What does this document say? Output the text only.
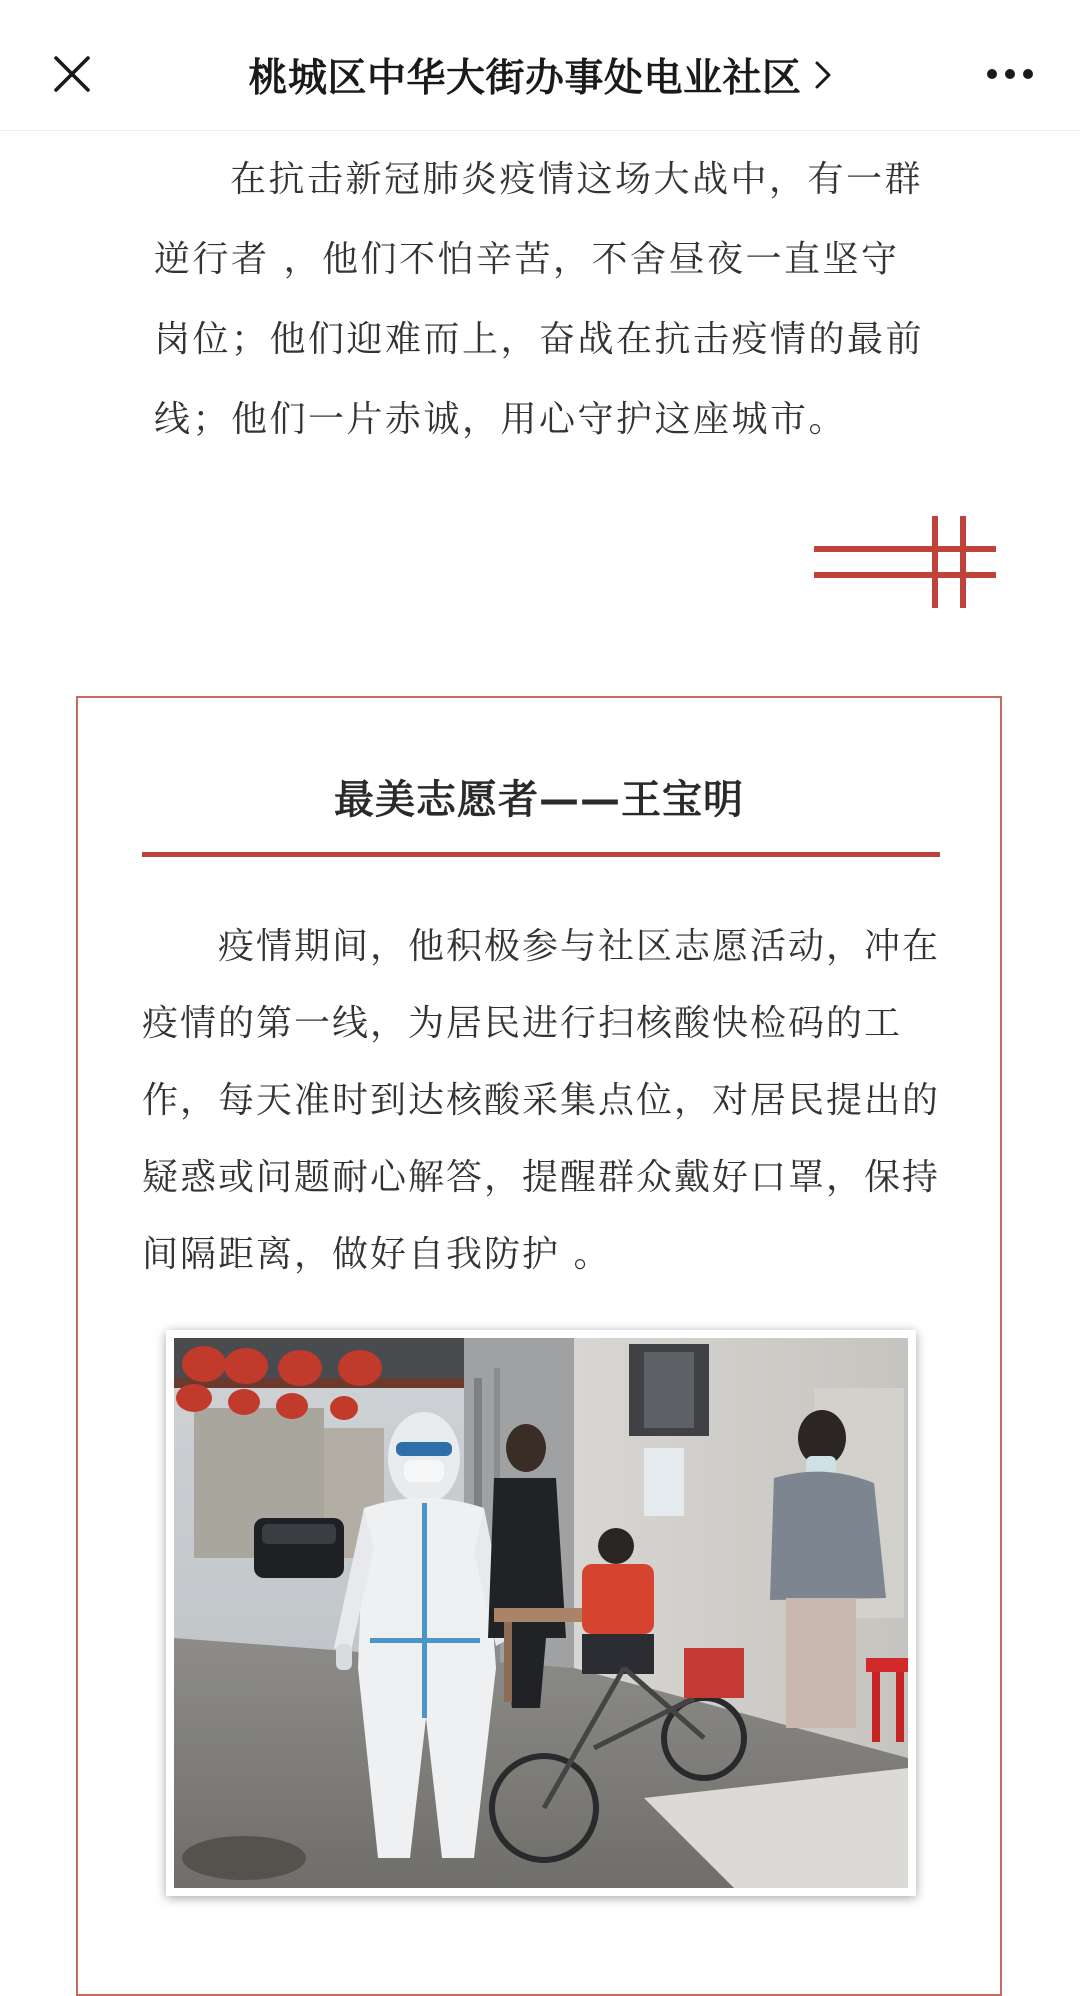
桃城区中华大街办事处电业社区

在抗击新冠肺炎疫情这场大战中，有一群逆行者 ，他们不怕辛苦，不舍昼夜一直坚守岗位；他们迎难而上，奋战在抗击疫情的最前线；他们一片赤诚，用心守护这座城市。

最美志愿者——王宝明

疫情期间，他积极参与社区志愿活动，冲在疫情的第一线，为居民进行扫核酸快检码的工作，每天准时到达核酸采集点位，对居民提出的疑惑或问题耐心解答，提醒群众戴好口罩，保持间隔距离，做好自我防护 。
